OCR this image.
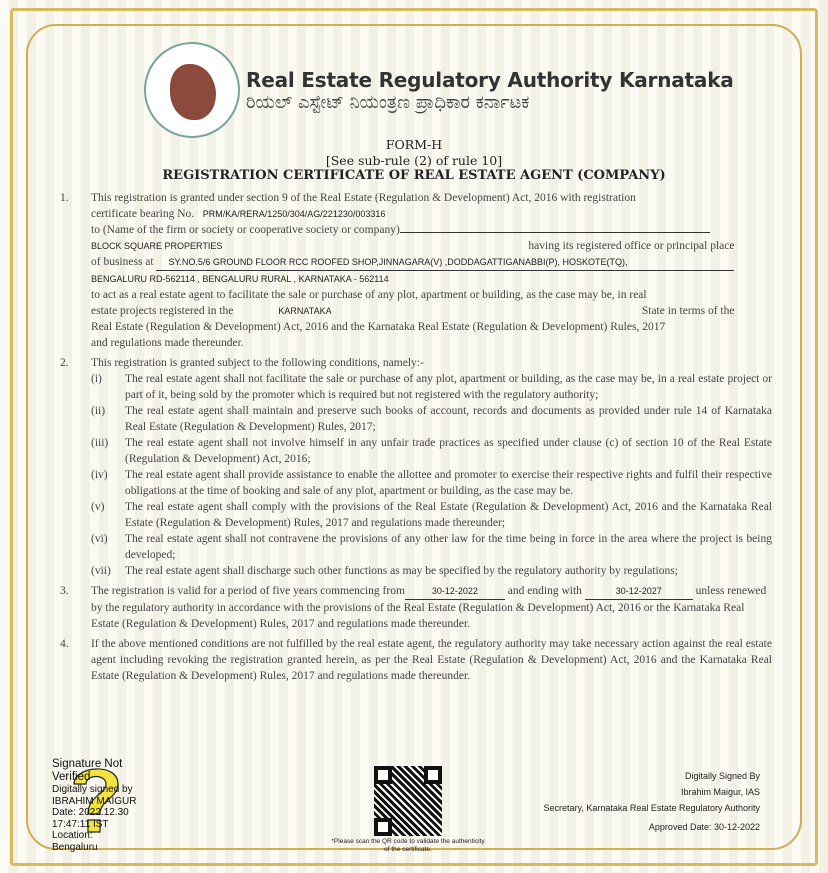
Real Estate Regulatory Authority Karnataka
ರಿಯಲ್ ಎಸ್ಟೇಟ್ ನಿಯಂತ್ರಣ ಪ್ರಾಧಿಕಾರ ಕರ್ನಾಟಕ
FORM-H
[See sub-rule (2) of rule 10]
REGISTRATION CERTIFICATE OF REAL ESTATE AGENT (COMPANY)
1.	This registration is granted under section 9 of the Real Estate (Regulation & Development) Act, 2016 with registration
certificate bearing No. PRM/KA/RERA/1250/304/AG/221230/003316
to (Name of the firm or society or cooperative society or company)
BLOCK SQUARE PROPERTIES	having its registered office or principal place
of business at SY.NO.5/6 GROUND FLOOR RCC ROOFED SHOP,JINNAGARA(V) ,DODDAGATTIGANABBI(P), HOSKOTE(TQ),
BENGALURU RD-562114 , BENGALURU RURAL , KARNATAKA - 562114
to act as a real estate agent to facilitate the sale or purchase of any plot, apartment or building, as the case may be, in real
estate projects registered in the	KARNATAKA	State in terms of the
Real Estate (Regulation & Development) Act, 2016 and the Karnataka Real Estate (Regulation & Development) Rules, 2017
and regulations made thereunder.
2.	This registration is granted subject to the following conditions, namely:-
(i)	The real estate agent shall not facilitate the sale or purchase of any plot, apartment or building, as the case may be, in a real estate project or part of it, being sold by the promoter which is required but not registered with the regulatory authority;
(ii)	The real estate agent shall maintain and preserve such books of account, records and documents as provided under rule 14 of Karnataka Real Estate (Regulation & Development) Rules, 2017;
(iii)	The real estate agent shall not involve himself in any unfair trade practices as specified under clause (c) of section 10 of the Real Estate (Regulation & Development) Act, 2016;
(iv)	The real estate agent shall provide assistance to enable the allottee and promoter to exercise their respective rights and fulfil their respective obligations at the time of booking and sale of any plot, apartment or building, as the case may be.
(v)	The real estate agent shall comply with the provisions of the Real Estate (Regulation & Development) Act, 2016 and the Karnataka Real Estate (Regulation & Development) Rules, 2017 and regulations made thereunder;
(vi)	The real estate agent shall not contravene the provisions of any other law for the time being in force in the area where the project is being developed;
(vii)	The real estate agent shall discharge such other functions as may be specified by the regulatory authority by regulations;
3.	The registration is valid for a period of five years commencing from	30-12-2022	and ending with	30-12-2027	unless renewed by the regulatory authority in accordance with the provisions of the Real Estate (Regulation & Development) Act, 2016 or the Karnataka Real Estate (Regulation & Development) Rules, 2017 and regulations made thereunder.
4.	If the above mentioned conditions are not fulfilled by the real estate agent, the regulatory authority may take necessary action against the real estate agent including revoking the registration granted herein, as per the Real Estate (Regulation & Development) Act, 2016 and the Karnataka Real Estate (Regulation & Development) Rules, 2017 and regulations made thereunder.
Signature Not Verified
Digitally signed by
IBRAHIM MAIGUR
Date: 2022.12.30
17:47:11 IST
Location:
Bengaluru	*Please scan the QR code to validate the authenticity of the certificate.
Digitally Signed By
Ibrahim Maigur, IAS
Secretary, Karnataka Real Estate Regulatory Authority
Approved Date: 30-12-2022
